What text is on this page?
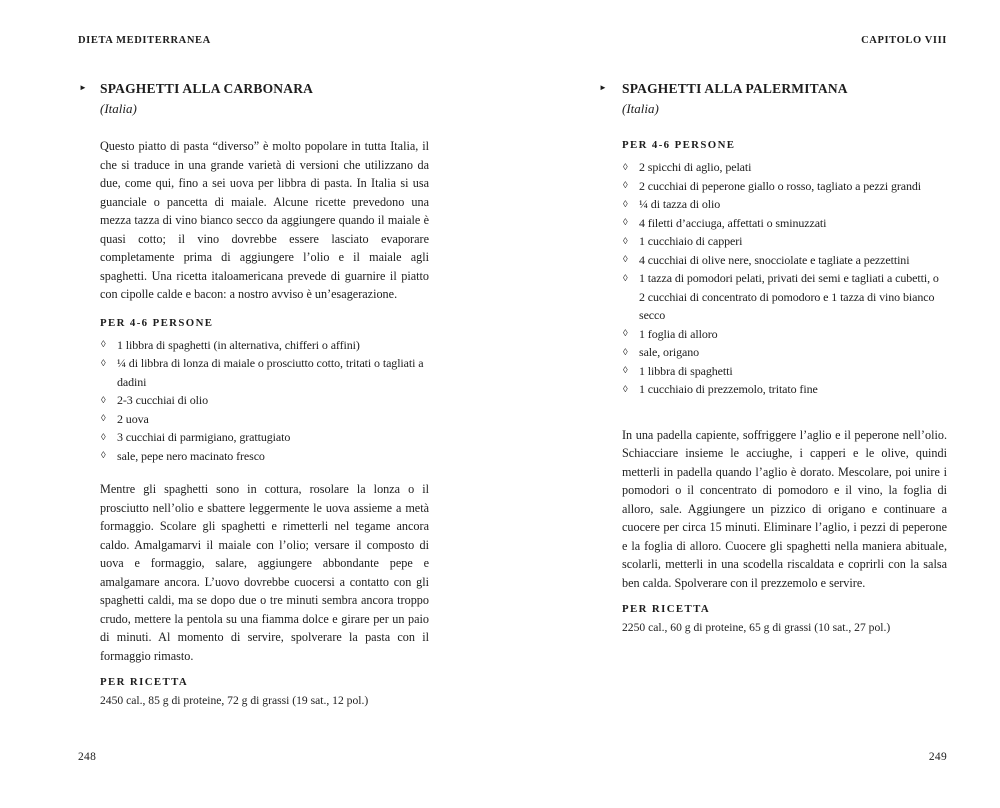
DIETA MEDITERRANEA
► SPAGHETTI ALLA CARBONARA
(Italia)

Questo piatto di pasta “diverso” è molto popolare in tutta Italia, il che si traduce in una grande varietà di versioni che utilizzano da due, come qui, fino a sei uova per libbra di pasta. In Italia si usa guanciale o pancetta di maiale. Alcune ricette prevedono una mezza tazza di vino bianco secco da aggiungere quando il maiale è quasi cotto; il vino dovrebbe essere lasciato evaporare completamente prima di aggiungere l’olio e il maiale agli spaghetti. Una ricetta italoamericana prevede di guarnire il piatto con cipolle calde e bacon: a nostro avviso è un’esagerazione.

PER 4-6 PERSONE
◊ 1 libbra di spaghetti (in alternativa, chifferi o affini)
◊ ¼ di libbra di lonza di maiale o prosciutto cotto, tritati o tagliati a dadini
◊ 2-3 cucchiai di olio
◊ 2 uova
◊ 3 cucchiai di parmigiano, grattugiato
◊ sale, pepe nero macinato fresco

Mentre gli spaghetti sono in cottura, rosolare la lonza o il prosciutto nell’olio e sbattere leggermente le uova assieme a metà formaggio. Scolare gli spaghetti e rimetterli nel tegame ancora caldo. Amalgamarvi il maiale con l’olio; versare il composto di uova e formaggio, salare, aggiungere abbondante pepe e amalgamare ancora. L’uovo dovrebbe cuocersi a contatto con gli spaghetti caldi, ma se dopo due o tre minuti sembra ancora troppo crudo, mettere la pentola su una fiamma dolce e girare per un paio di minuti. Al momento di servire, spolverare la pasta con il formaggio rimasto.

PER RICETTA
2450 cal., 85 g di proteine, 72 g di grassi (19 sat., 12 pol.)
248
CAPITOLO VIII
► SPAGHETTI ALLA PALERMITANA
(Italia)
PER 4-6 PERSONE
◊ 2 spicchi di aglio, pelati
◊ 2 cucchiai di peperone giallo o rosso, tagliato a pezzi grandi
◊ ¼ di tazza di olio
◊ 4 filetti d’acciuga, affettati o sminuzzati
◊ 1 cucchiaio di capperi
◊ 4 cucchiai di olive nere, snocciolate e tagliate a pezzettini
◊ 1 tazza di pomodori pelati, privati dei semi e tagliati a cubetti, o 2 cucchiai di concentrato di pomodoro e 1 tazza di vino bianco secco
◊ 1 foglia di alloro
◊ sale, origano
◊ 1 libbra di spaghetti
◊ 1 cucchiaio di prezzemolo, tritato fine

In una padella capiente, soffriggere l’aglio e il peperone nell’olio. Schiacciare insieme le acciughe, i capperi e le olive, quindi metterli in padella quando l’aglio è dorato. Mescolare, poi unire i pomodori o il concentrato di pomodoro e il vino, la foglia di alloro, sale. Aggiungere un pizzico di origano e continuare a cuocere per circa 15 minuti. Eliminare l’aglio, i pezzi di peperone e la foglia di alloro. Cuocere gli spaghetti nella maniera abituale, scolarli, metterli in una scodella riscaldata e coprirli con la salsa ben calda. Spolverare con il prezzemolo e servire.

PER RICETTA
2250 cal., 60 g di proteine, 65 g di grassi (10 sat., 27 pol.)
249
